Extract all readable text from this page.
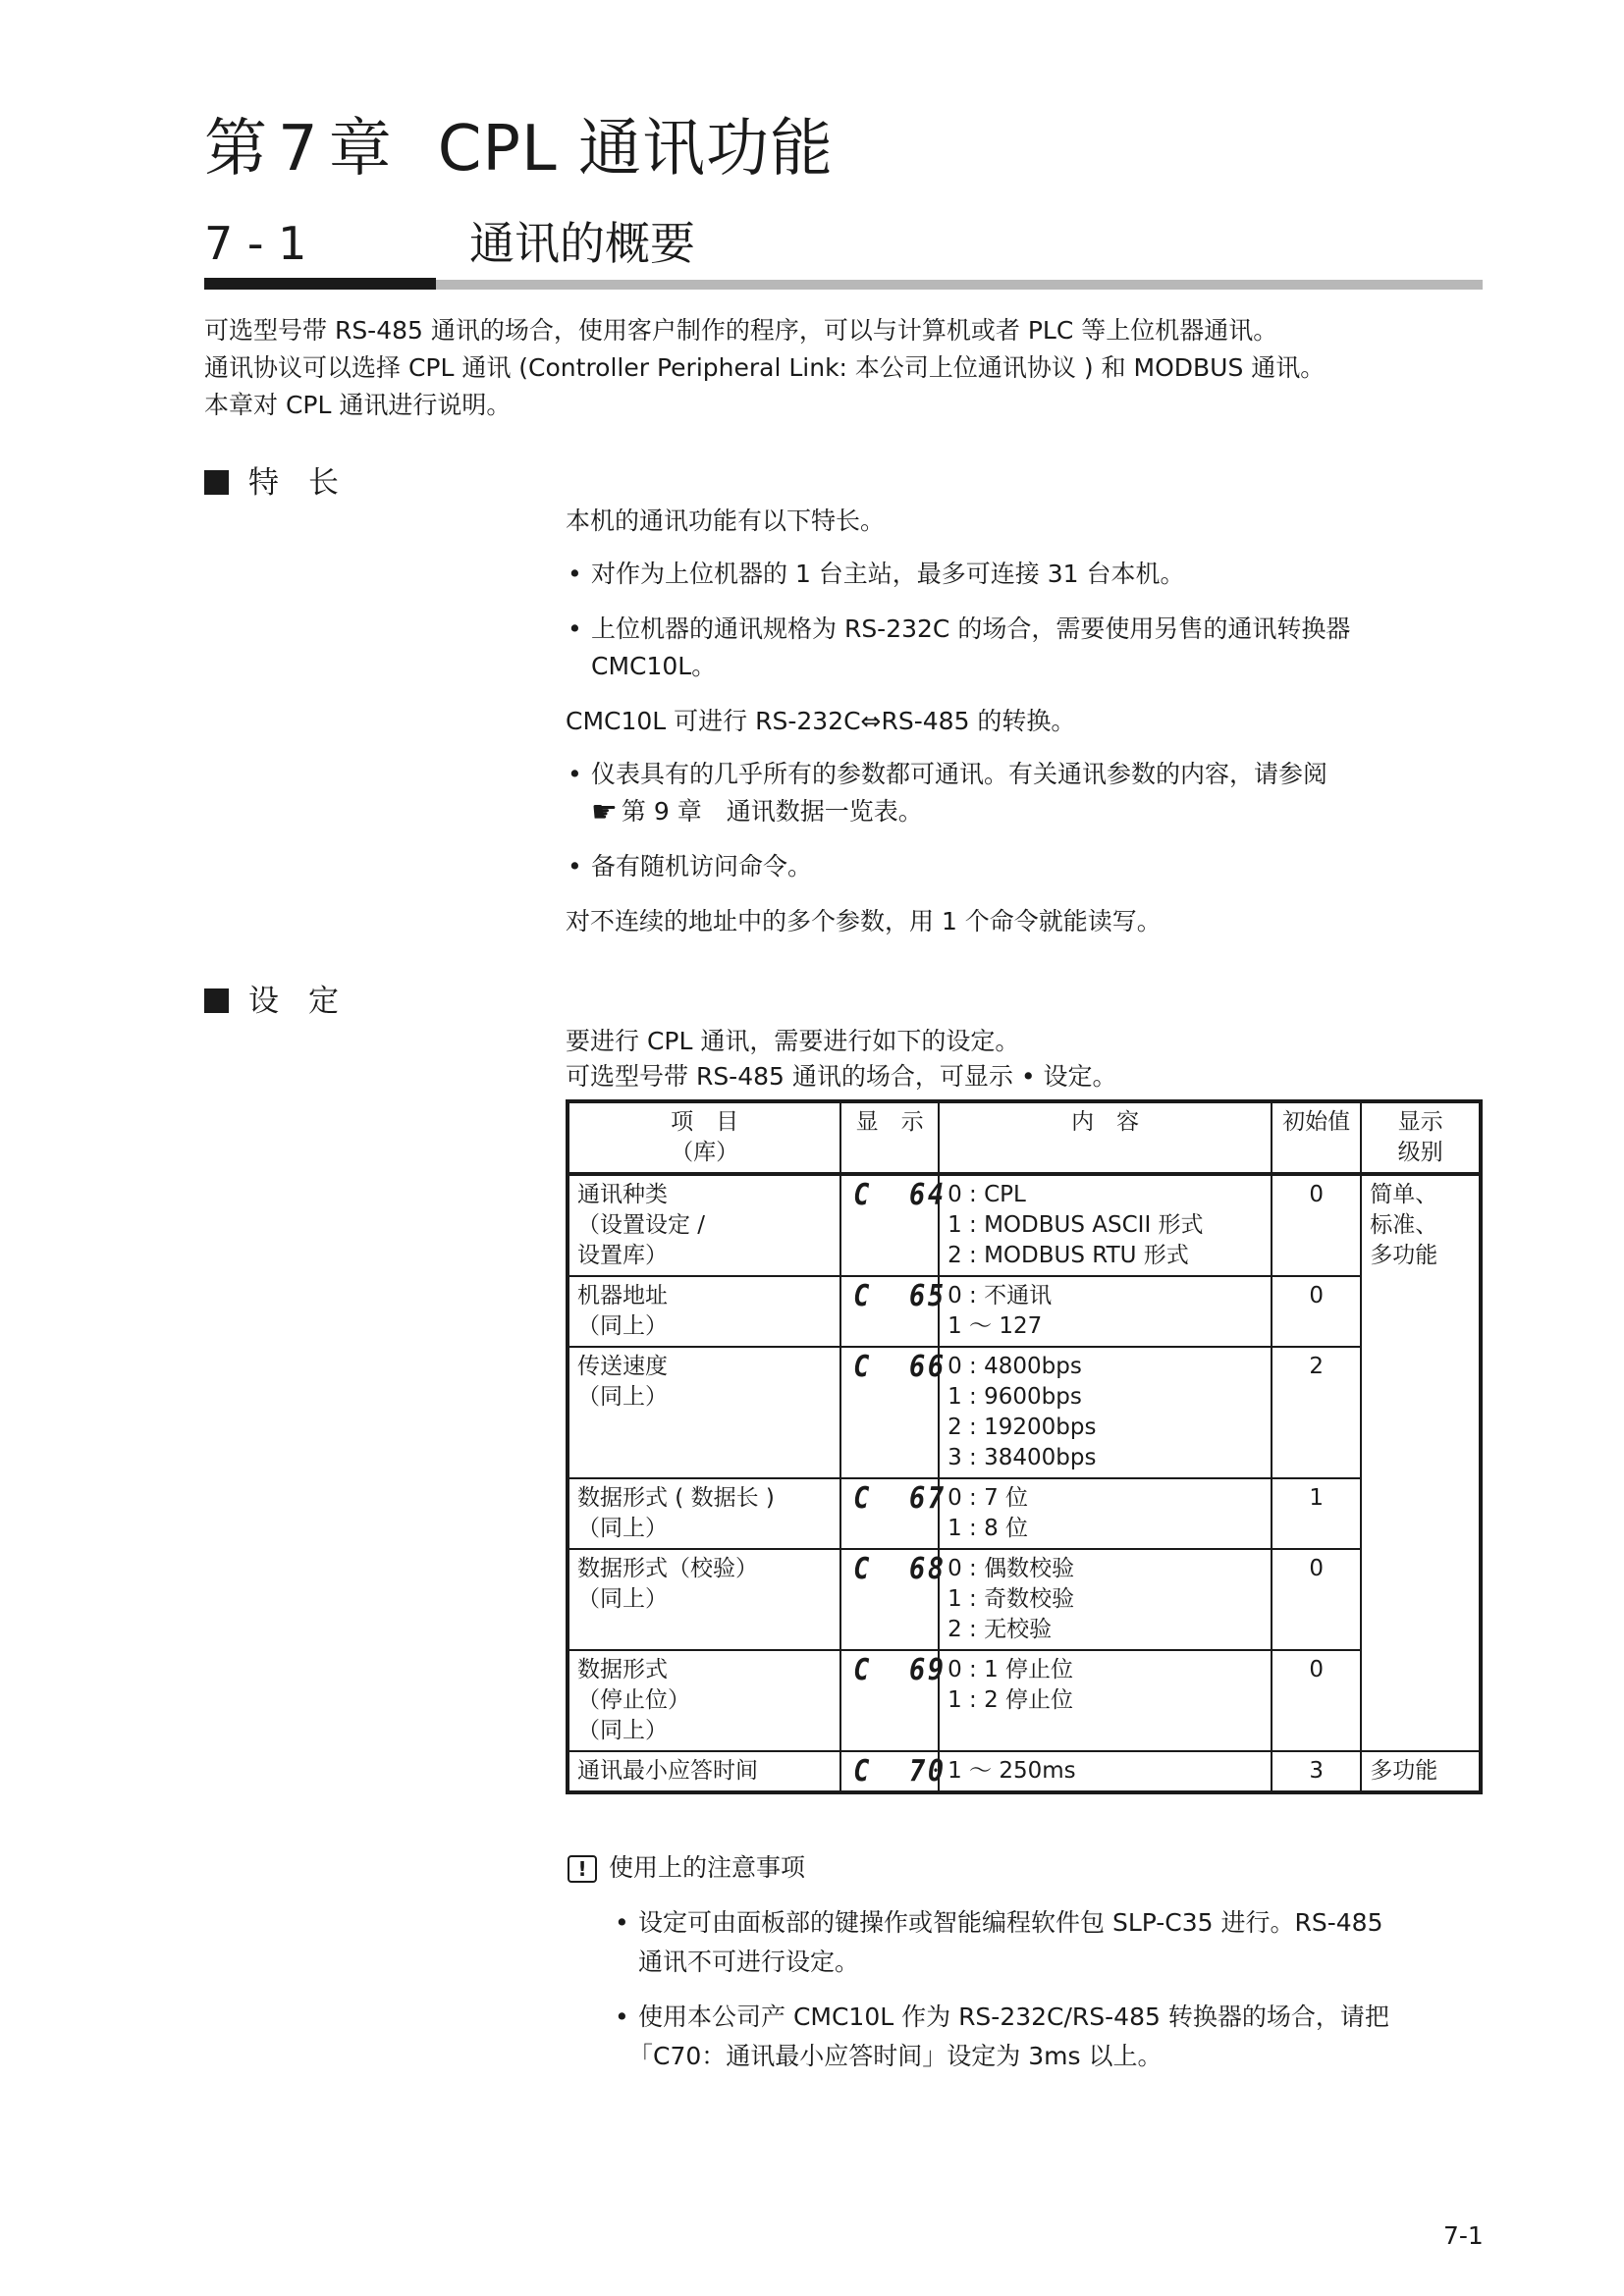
第 7 章 CPL 通讯功能
7 - 1	通讯的概要

可选型号带 RS-485 通讯的场合，使用客户制作的程序，可以与计算机或者 PLC 等上位机器通讯。

通讯协议可以选择 CPL 通讯 (Controller Peripheral Link: 本公司上位通讯协议 ) 和 MODBUS 通讯。

本章对 CPL 通讯进行说明。

特长
本机的通讯功能有以下特长。
• 对作为上位机器的 1 台主站，最多可连接 31 台本机。
• 上位机器的通讯规格为 RS-232C 的场合，需要使用另售的通讯转换器
CMC10L。
CMC10L 可进行 RS-232C⇔RS-485 的转换。
• 仪表具有的几乎所有的参数都可通讯。有关通讯参数的内容，请参阅
☛ 第 9 章　通讯数据一览表。
• 备有随机访问命令。
对不连续的地址中的多个参数，用 1 个命令就能读写。
设定
要进行 CPL 通讯，需要进行如下的设定。
可选型号带 RS-485 通讯的场合，可显示 • 设定。
项　目
（库）	显　示	内　容	初始值	显示
级别

通讯种类
（设置设定 /
设置库）	C  64	0 : CPL
1 : MODBUS ASCII 形式
2 : MODBUS RTU 形式	0	简单、
标准、
多功能

机器地址
（同上）	C  65	0 : 不通讯
1 ～ 127	0	

传送速度
（同上）	C  66	0 : 4800bps
1 : 9600bps
2 : 19200bps
3 : 38400bps	2	

数据形式 ( 数据长 )
（同上）	C  67	0 : 7 位
1 : 8 位	1	

数据形式（校验）
（同上）	C  68	0 : 偶数校验
1 : 奇数校验
2 : 无校验	0	

数据形式
（停止位）
（同上）	C  69	0 : 1 停止位
1 : 2 停止位	0	

通讯最小应答时间	C  70	1 ～ 250ms	3	多功能
! 使用上的注意事项
• 设定可由面板部的键操作或智能编程软件包 SLP-C35 进行。RS-485
通讯不可进行设定。
• 使用本公司产 CMC10L 作为 RS-232C/RS-485 转换器的场合，请把
「C70：通讯最小应答时间」设定为 3ms 以上。
7-1
